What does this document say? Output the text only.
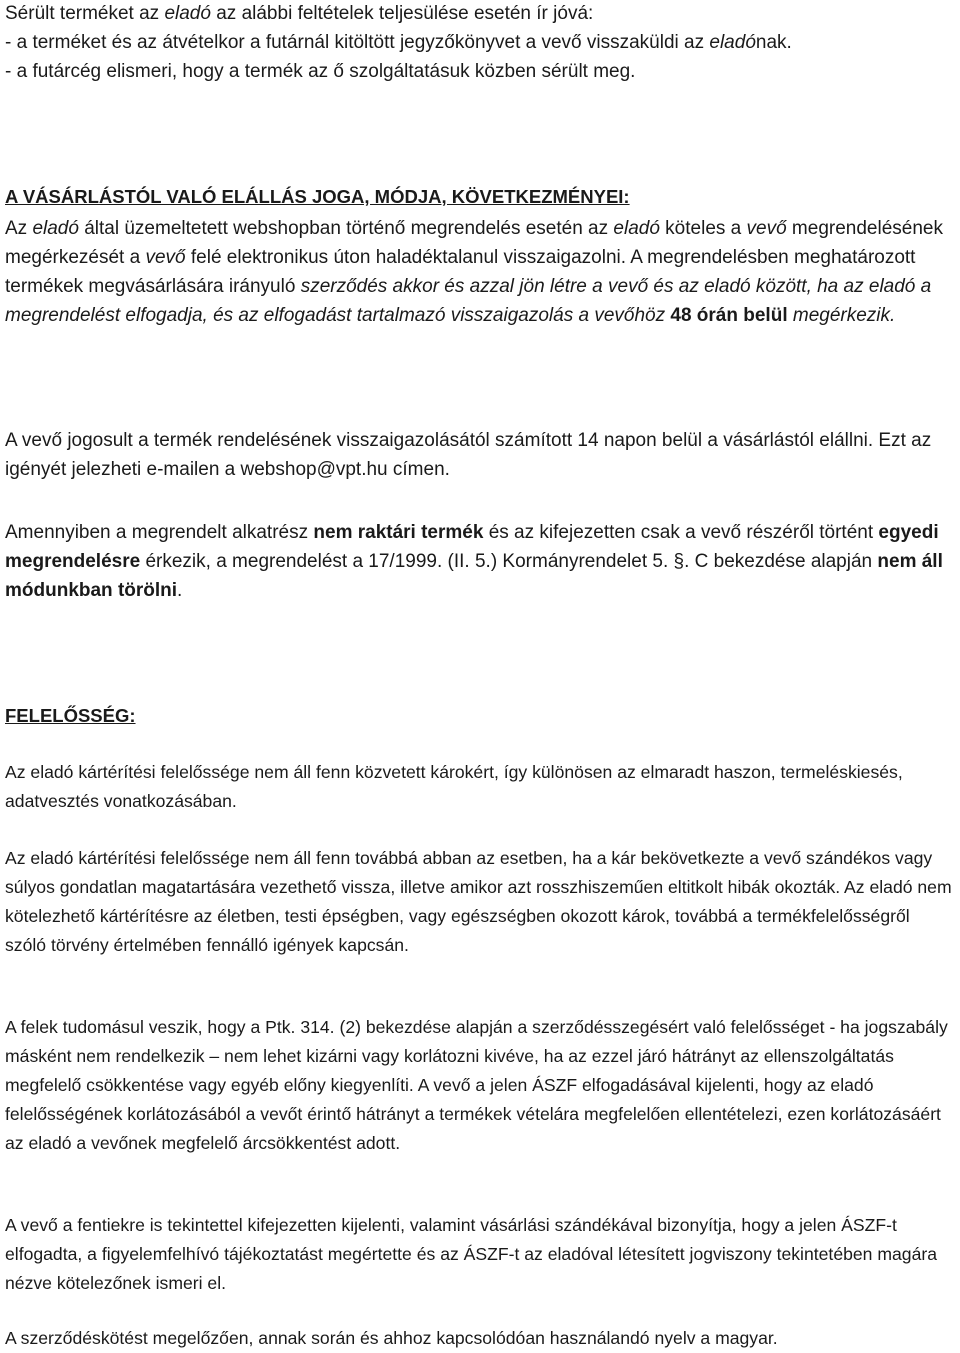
Sérült terméket az eladó az alábbi feltételek teljesülése esetén ír jóvá:

- a terméket és az átvételkor a futárnál kitöltött jegyzőkönyvet a vevő visszaküldi az eladónak.

- a futárcég elismeri, hogy a termék az ő szolgáltatásuk közben sérült meg.

A VÁSÁRLÁSTÓL VALÓ ELÁLLÁS JOGA, MÓDJA, KÖVETKEZMÉNYEI:

Az eladó által üzemeltetett webshopban történő megrendelés esetén az eladó köteles a vevő megrendelésének megérkezését a vevő felé elektronikus úton haladéktalanul visszaigazolni. A megrendelésben meghatározott termékek megvásárlására irányuló szerződés akkor és azzal jön létre a vevő és az eladó között, ha az eladó a megrendelést elfogadja, és az elfogadást tartalmazó visszaigazolás a vevőhöz 48 órán belül megérkezik.

A vevő jogosult a termék rendelésének visszaigazolásától számított 14 napon belül a vásárlástól elállni. Ezt az igényét jelezheti e-mailen a webshop@vpt.hu címen.

Amennyiben a megrendelt alkatrész nem raktári termék és az kifejezetten csak a vevő részéről történt egyedi megrendelésre érkezik, a megrendelést a 17/1999. (II. 5.) Kormányrendelet 5. §. C bekezdése alapján nem áll módunkban törölni.

FELELŐSSÉG:

Az eladó kártérítési felelőssége nem áll fenn közvetett károkért, így különösen az elmaradt haszon, termeléskiesés, adatvesztés vonatkozásában.

Az eladó kártérítési felelőssége nem áll fenn továbbá abban az esetben, ha a kár bekövetkezte a vevő szándékos vagy súlyos gondatlan magatartására vezethető vissza, illetve amikor azt rosszhiszeműen eltitkolt hibák okozták. Az eladó nem kötelezhető kártérítésre az életben, testi épségben, vagy egészségben okozott károk, továbbá a termékfelelősségről szóló törvény értelmében fennálló igények kapcsán.

A felek tudomásul veszik, hogy a Ptk. 314. (2) bekezdése alapján a szerződésszegésért való felelősséget - ha jogszabály másként nem rendelkezik – nem lehet kizárni vagy korlátozni kivéve, ha az ezzel járó hátrányt az ellenszolgáltatás megfelelő csökkentése vagy egyéb előny kiegyenlíti. A vevő a jelen ÁSZF elfogadásával kijelenti, hogy az eladó felelősségének korlátozásából a vevőt érintő hátrányt a termékek vételára megfelelően ellentételezi, ezen korlátozásáért az eladó a vevőnek megfelelő árcsökkentést adott.

A vevő a fentiekre is tekintettel kifejezetten kijelenti, valamint vásárlási szándékával bizonyítja, hogy a jelen ÁSZF-t elfogadta, a figyelemfelhívó tájékoztatást megértette és az ÁSZF-t az eladóval létesített jogviszony tekintetében magára nézve kötelezőnek ismeri el.

A szerződéskötést megelőzően, annak során és ahhoz kapcsolódóan használandó nyelv a magyar.
